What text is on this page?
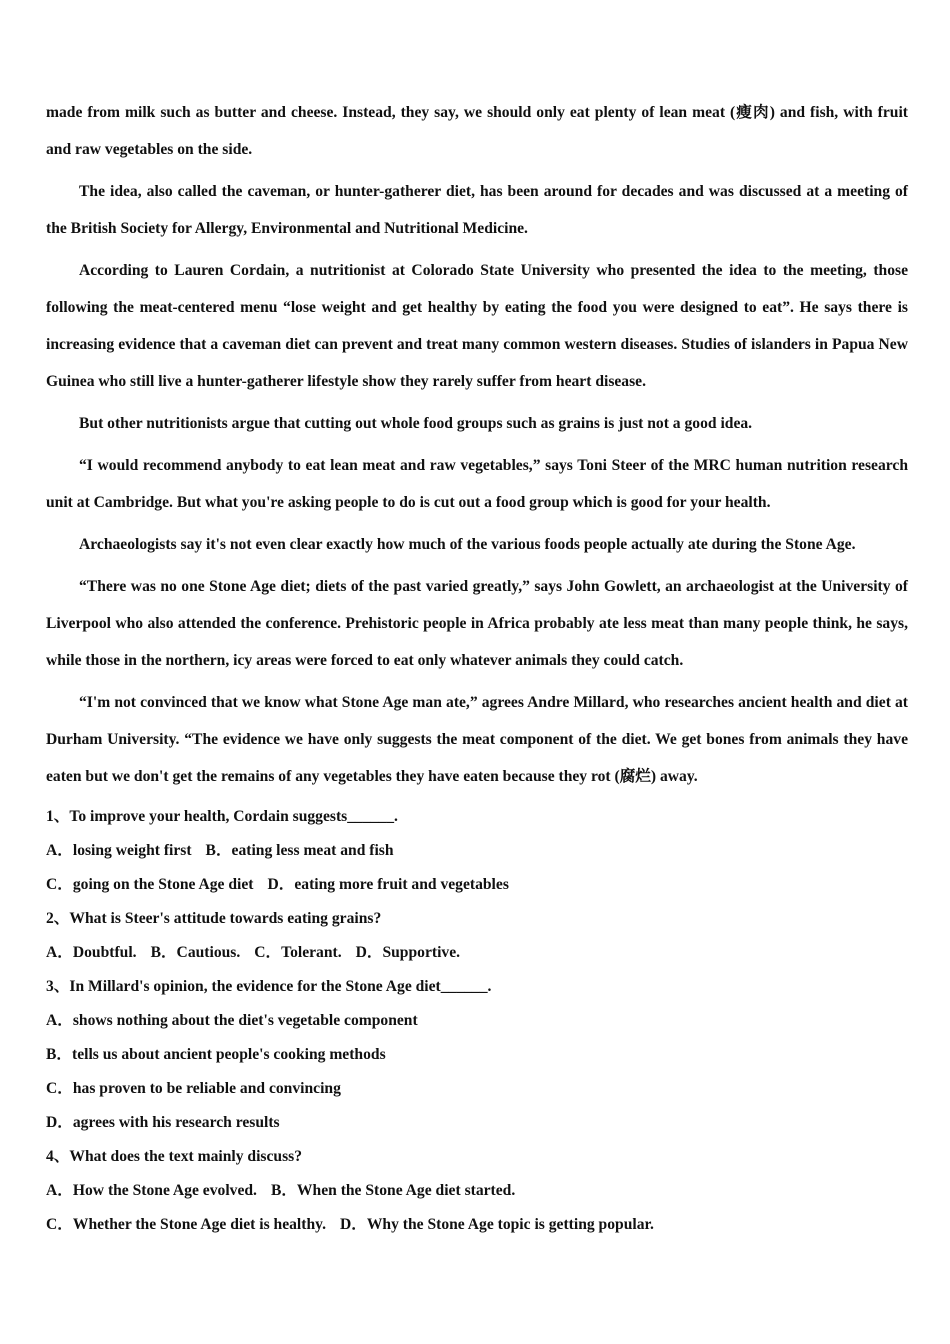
made from milk such as butter and cheese. Instead, they say, we should only eat plenty of lean meat (瘦肉) and fish, with fruit and raw vegetables on the side.

The idea, also called the caveman, or hunter-gatherer diet, has been around for decades and was discussed at a meeting of the British Society for Allergy, Environmental and Nutritional Medicine.

According to Lauren Cordain, a nutritionist at Colorado State University who presented the idea to the meeting, those following the meat-centered menu “lose weight and get healthy by eating the food you were designed to eat”. He says there is increasing evidence that a caveman diet can prevent and treat many common western diseases. Studies of islanders in Papua New Guinea who still live a hunter-gatherer lifestyle show they rarely suffer from heart disease.

But other nutritionists argue that cutting out whole food groups such as grains is just not a good idea.

“I would recommend anybody to eat lean meat and raw vegetables,” says Toni Steer of the MRC human nutrition research unit at Cambridge. But what you're asking people to do is cut out a food group which is good for your health.

Archaeologists say it's not even clear exactly how much of the various foods people actually ate during the Stone Age.

“There was no one Stone Age diet; diets of the past varied greatly,” says John Gowlett, an archaeologist at the University of Liverpool who also attended the conference. Prehistoric people in Africa probably ate less meat than many people think, he says, while those in the northern, icy areas were forced to eat only whatever animals they could catch.

“I'm not convinced that we know what Stone Age man ate,” agrees Andre Millard, who researches ancient health and diet at Durham University. “The evidence we have only suggests the meat component of the diet. We get bones from animals they have eaten but we don't get the remains of any vegetables they have eaten because they rot (腐烂) away.

1、To improve your health, Cordain suggests______.

A．losing weight first B．eating less meat and fish

C．going on the Stone Age diet D．eating more fruit and vegetables

2、What is Steer's attitude towards eating grains?

A．Doubtful. B．Cautious. C．Tolerant. D．Supportive.

3、In Millard's opinion, the evidence for the Stone Age diet______.

A．shows nothing about the diet's vegetable component

B．tells us about ancient people's cooking methods

C．has proven to be reliable and convincing

D．agrees with his research results

4、What does the text mainly discuss?

A．How the Stone Age evolved. B．When the Stone Age diet started.

C．Whether the Stone Age diet is healthy. D．Why the Stone Age topic is getting popular.
